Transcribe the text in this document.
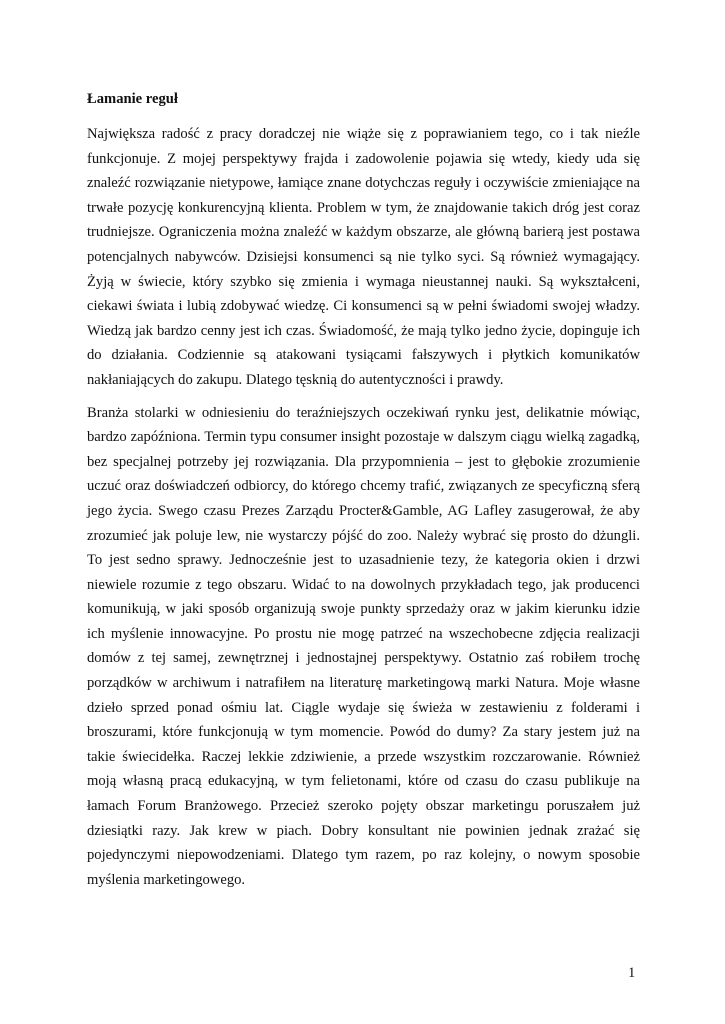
Łamanie reguł
Największa radość z pracy doradczej nie wiąże się z poprawianiem tego, co i tak nieźle
funkcjonuje. Z mojej perspektywy frajda i zadowolenie pojawia się wtedy, kiedy uda się
znaleźć rozwiązanie nietypowe, łamiące znane dotychczas reguły i oczywiście zmieniające na
trwałe pozycję konkurencyjną klienta. Problem w tym, że znajdowanie takich dróg jest coraz
trudniejsze. Ograniczenia można znaleźć w każdym obszarze, ale główną barierą jest postawa
potencjalnych nabywców. Dzisiejsi konsumenci są nie tylko syci. Są również wymagający.
Żyją w świecie, który szybko się zmienia i wymaga nieustannej nauki. Są wykształceni,
ciekawi świata i lubią zdobywać wiedzę. Ci konsumenci są w pełni świadomi swojej władzy.
Wiedzą jak bardzo cenny jest ich czas. Świadomość, że mają tylko jedno życie, dopinguje ich
do działania. Codziennie są atakowani tysiącami fałszywych i płytkich komunikatów
nakłaniających do zakupu. Dlatego tęsknią do autentyczności i prawdy.
Branża stolarki w odniesieniu do teraźniejszych oczekiwań rynku jest, delikatnie mówiąc,
bardzo zapóźniona. Termin typu consumer insight pozostaje w dalszym ciągu wielką zagadką,
bez specjalnej potrzeby jej rozwiązania. Dla przypomnienia – jest to głębokie zrozumienie
uczuć oraz doświadczeń odbiorcy, do którego chcemy trafić, związanych ze specyficzną sferą
jego życia. Swego czasu Prezes Zarządu Procter&Gamble, AG Lafley zasugerował, że aby
zrozumieć jak poluje lew, nie wystarczy pójść do zoo. Należy wybrać się prosto do dżungli.
To jest sedno sprawy. Jednocześnie jest to uzasadnienie tezy, że kategoria okien i drzwi
niewiele rozumie z tego obszaru. Widać to na dowolnych przykładach tego, jak producenci
komunikują, w jaki sposób organizują swoje punkty sprzedaży oraz w jakim kierunku idzie
ich myślenie innowacyjne. Po prostu nie mogę patrzeć na wszechobecne zdjęcia realizacji
domów z tej samej, zewnętrznej i jednostajnej perspektywy. Ostatnio zaś robiłem trochę
porządków w archiwum i natrafiłem na literaturę marketingową marki Natura. Moje własne
dzieło sprzed ponad ośmiu lat. Ciągle wydaje się świeża w zestawieniu z folderami i
broszurami, które funkcjonują w tym momencie. Powód do dumy? Za stary jestem już na
takie świecidełka. Raczej lekkie zdziwienie, a przede wszystkim rozczarowanie. Również
moją własną pracą edukacyjną, w tym felietonami, które od czasu do czasu publikuje na
łamach Forum Branżowego. Przecież szeroko pojęty obszar marketingu poruszałem już
dziesiątki razy. Jak krew w piach. Dobry konsultant nie powinien jednak zrażać się
pojedynczymi niepowodzeniami. Dlatego tym razem, po raz kolejny, o nowym sposobie
myślenia marketingowego.
1
